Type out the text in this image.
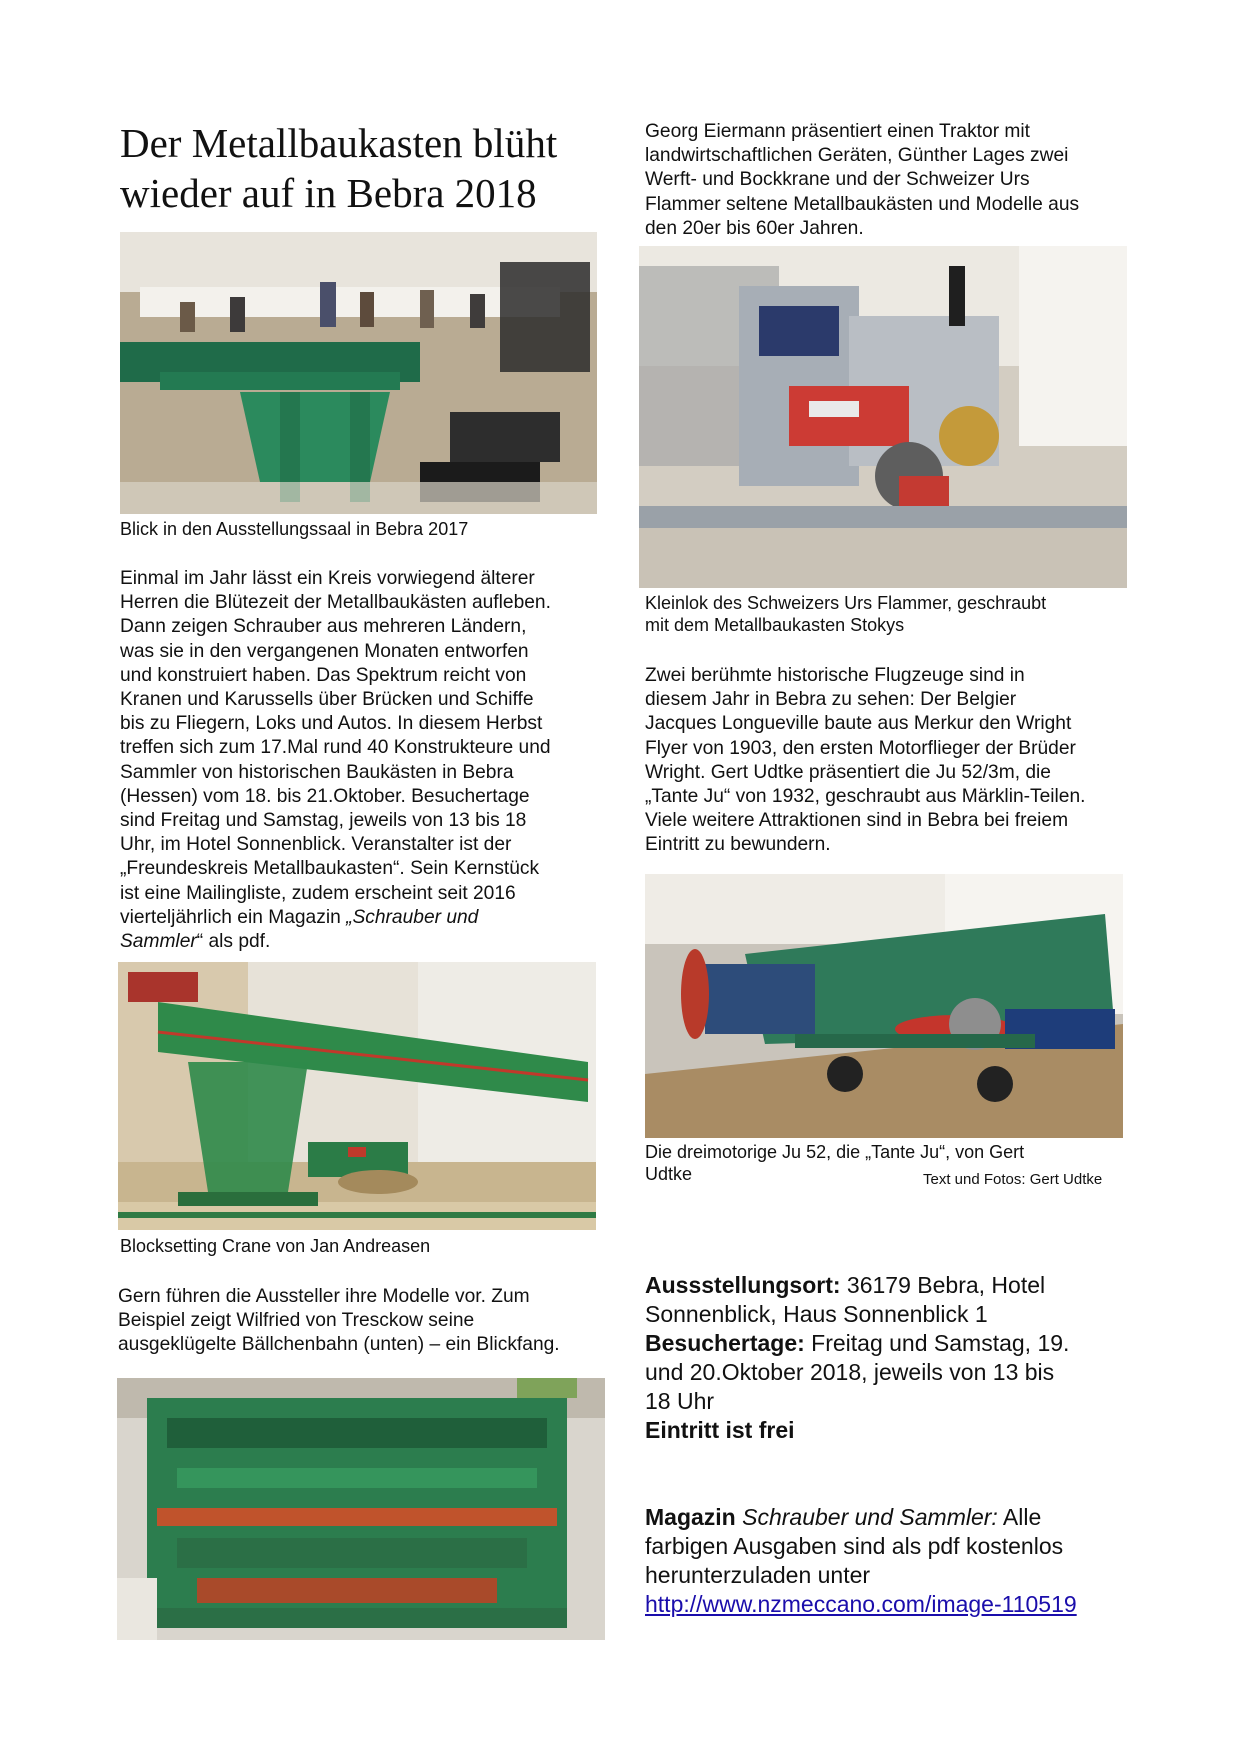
Der Metallbaukasten blüht
wieder auf in Bebra 2018

Blick in den Ausstellungssaal in Bebra 2017

Einmal im Jahr lässt ein Kreis vorwiegend älterer
Herren die Blütezeit der Metallbaukästen aufleben.
Dann zeigen Schrauber aus mehreren Ländern,
was sie in den vergangenen Monaten entworfen
und konstruiert haben. Das Spektrum reicht von
Kranen und Karussells über Brücken und Schiffe
bis zu Fliegern, Loks und Autos. In diesem Herbst
treffen sich zum 17.Mal rund 40 Konstrukteure und
Sammler von historischen Baukästen in Bebra
(Hessen) vom 18. bis 21.Oktober. Besuchertage
sind Freitag und Samstag, jeweils von 13 bis 18
Uhr, im Hotel Sonnenblick. Veranstalter ist der
„Freundeskreis Metallbaukasten“. Sein Kernstück
ist eine Mailingliste, zudem erscheint seit 2016
vierteljährlich ein Magazin „Schrauber und
Sammler“ als pdf.

Blocksetting Crane von Jan Andreasen

Gern führen die Aussteller ihre Modelle vor. Zum
Beispiel zeigt Wilfried von Tresckow seine
ausgeklügelte Bällchenbahn (unten) – ein Blickfang.

Georg Eiermann präsentiert einen Traktor mit
landwirtschaftlichen Geräten, Günther Lages zwei
Werft- und Bockkrane und der Schweizer Urs
Flammer seltene Metallbaukästen und Modelle aus
den 20er bis 60er Jahren.

Kleinlok des Schweizers Urs Flammer, geschraubt
mit dem Metallbaukasten Stokys

Zwei berühmte historische Flugzeuge sind in
diesem Jahr in Bebra zu sehen: Der Belgier
Jacques Longueville baute aus Merkur den Wright
Flyer von 1903, den ersten Motorflieger der Brüder
Wright. Gert Udtke präsentiert die Ju 52/3m, die
„Tante Ju“ von 1932, geschraubt aus Märklin-Teilen.
Viele weitere Attraktionen sind in Bebra bei freiem
Eintritt zu bewundern.

Die dreimotorige Ju 52, die „Tante Ju“, von Gert
Udtke	Text und Fotos: Gert Udtke

Aussstellungsort: 36179 Bebra, Hotel
Sonnenblick, Haus Sonnenblick 1
Besuchertage: Freitag und Samstag, 19.
und 20.Oktober 2018, jeweils von 13 bis
18 Uhr
Eintritt ist frei

Magazin Schrauber und Sammler: Alle
farbigen Ausgaben sind als pdf kostenlos
herunterzuladen unter
http://www.nzmeccano.com/image-110519
